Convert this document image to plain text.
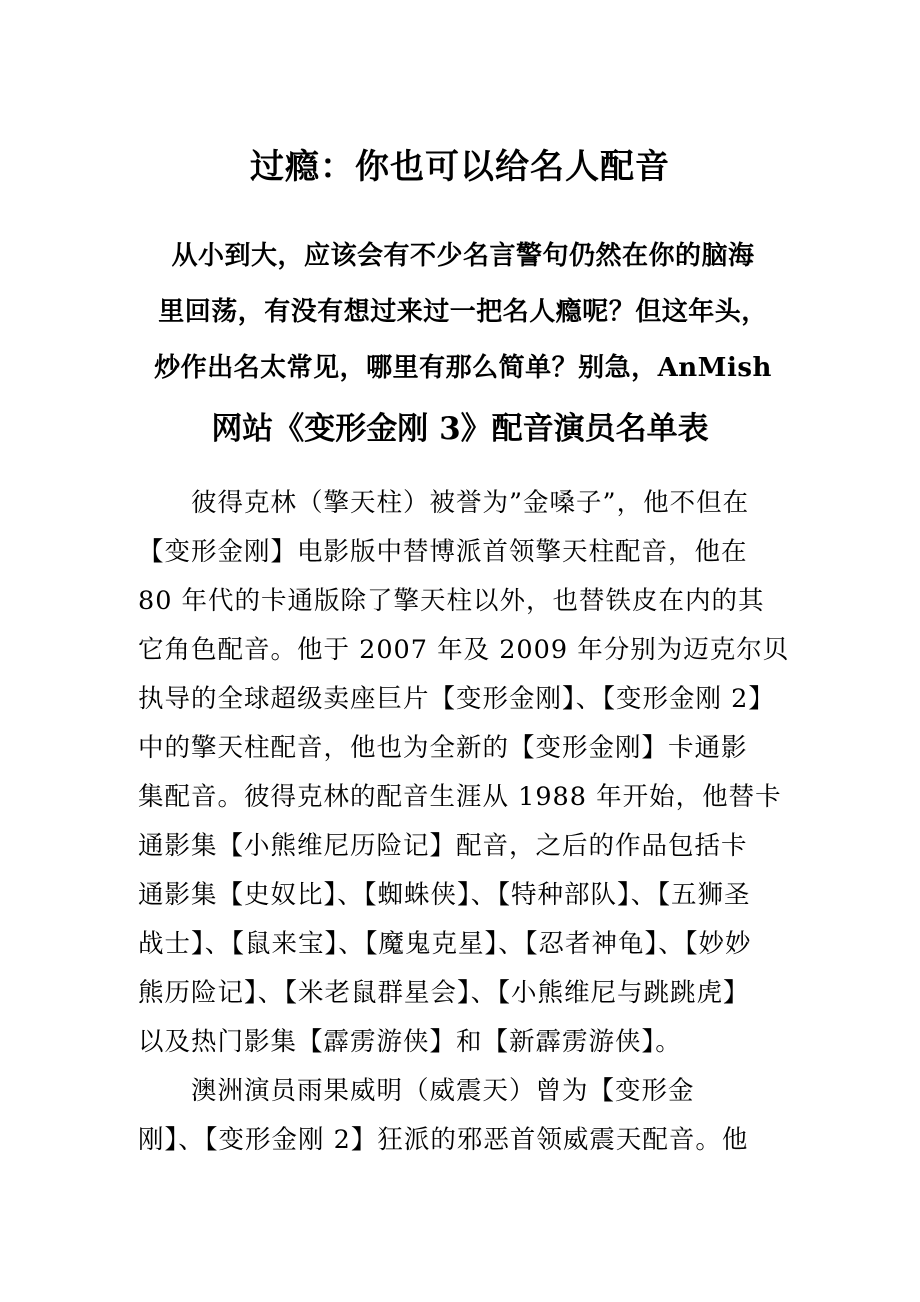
过瘾：你也可以给名人配音
从小到大，应该会有不少名言警句仍然在你的脑海
里回荡，有没有想过来过一把名人瘾呢？但这年头，
炒作出名太常见，哪里有那么简单？别急，AnMish
网站《变形金刚 3》配音演员名单表
　　彼得克林（擎天柱）被誉为”金嗓子”，他不但在
【变形金刚】电影版中替博派首领擎天柱配音，他在
80 年代的卡通版除了擎天柱以外，也替铁皮在内的其
它角色配音。他于 2007 年及 2009 年分别为迈克尔贝
执导的全球超级卖座巨片【变形金刚】、【变形金刚 2】
中的擎天柱配音，他也为全新的【变形金刚】卡通影
集配音。彼得克林的配音生涯从 1988 年开始，他替卡
通影集【小熊维尼历险记】配音，之后的作品包括卡
通影集【史奴比】、【蜘蛛侠】、【特种部队】、【五狮圣
战士】、【鼠来宝】、【魔鬼克星】、【忍者神龟】、【妙妙
熊历险记】、【米老鼠群星会】、【小熊维尼与跳跳虎】
以及热门影集【霹雳游侠】和【新霹雳游侠】。
　　澳洲演员雨果威明（威震天）曾为【变形金
刚】、【变形金刚 2】狂派的邪恶首领威震天配音。他
